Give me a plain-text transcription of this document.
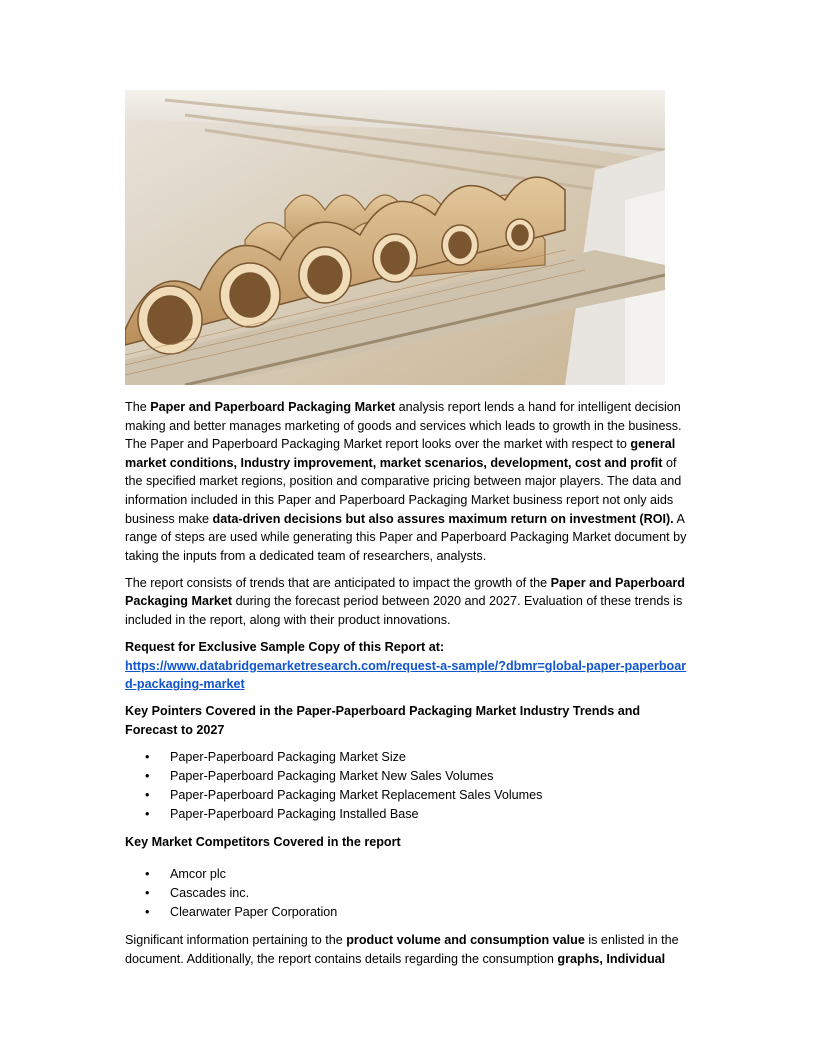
The Paper and Paperboard Packaging Market analysis report lends a hand for intelligent decision making and better manages marketing of goods and services which leads to growth in the business. The Paper and Paperboard Packaging Market report looks over the market with respect to general market conditions, Industry improvement, market scenarios, development, cost and profit of the specified market regions, position and comparative pricing between major players. The data and information included in this Paper and Paperboard Packaging Market business report not only aids business make data-driven decisions but also assures maximum return on investment (ROI). A range of steps are used while generating this Paper and Paperboard Packaging Market document by taking the inputs from a dedicated team of researchers, analysts.

The report consists of trends that are anticipated to impact the growth of the Paper and Paperboard Packaging Market during the forecast period between 2020 and 2027. Evaluation of these trends is included in the report, along with their product innovations.

Request for Exclusive Sample Copy of this Report at:
https://www.databridgemarketresearch.com/request-a-sample/?dbmr=global-paper-paperboard-packaging-market

Key Pointers Covered in the Paper-Paperboard Packaging Market Industry Trends and Forecast to 2027

• Paper-Paperboard Packaging Market Size
• Paper-Paperboard Packaging Market New Sales Volumes
• Paper-Paperboard Packaging Market Replacement Sales Volumes
• Paper-Paperboard Packaging Installed Base

Key Market Competitors Covered in the report

• Amcor plc
• Cascades inc.
• Clearwater Paper Corporation

Significant information pertaining to the product volume and consumption value is enlisted in the document. Additionally, the report contains details regarding the consumption graphs, Individual
